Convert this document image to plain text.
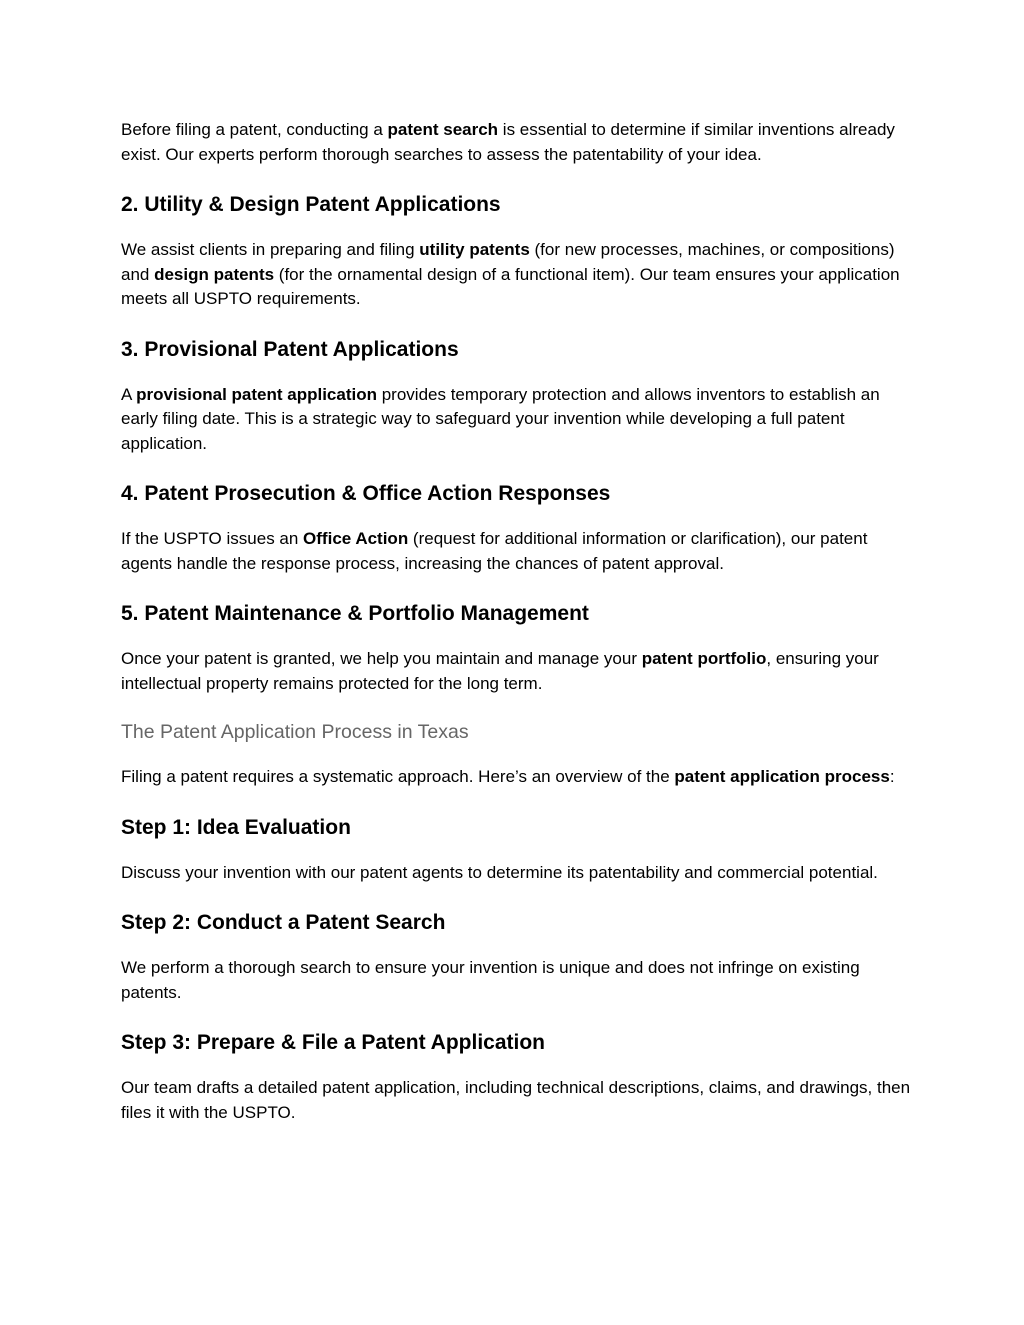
Before filing a patent, conducting a patent search is essential to determine if similar inventions already exist. Our experts perform thorough searches to assess the patentability of your idea.

2. Utility & Design Patent Applications

We assist clients in preparing and filing utility patents (for new processes, machines, or compositions) and design patents (for the ornamental design of a functional item). Our team ensures your application meets all USPTO requirements.

3. Provisional Patent Applications

A provisional patent application provides temporary protection and allows inventors to establish an early filing date. This is a strategic way to safeguard your invention while developing a full patent application.

4. Patent Prosecution & Office Action Responses

If the USPTO issues an Office Action (request for additional information or clarification), our patent agents handle the response process, increasing the chances of patent approval.

5. Patent Maintenance & Portfolio Management

Once your patent is granted, we help you maintain and manage your patent portfolio, ensuring your intellectual property remains protected for the long term.

The Patent Application Process in Texas

Filing a patent requires a systematic approach. Here’s an overview of the patent application process:

Step 1: Idea Evaluation

Discuss your invention with our patent agents to determine its patentability and commercial potential.

Step 2: Conduct a Patent Search

We perform a thorough search to ensure your invention is unique and does not infringe on existing patents.

Step 3: Prepare & File a Patent Application

Our team drafts a detailed patent application, including technical descriptions, claims, and drawings, then files it with the USPTO.
